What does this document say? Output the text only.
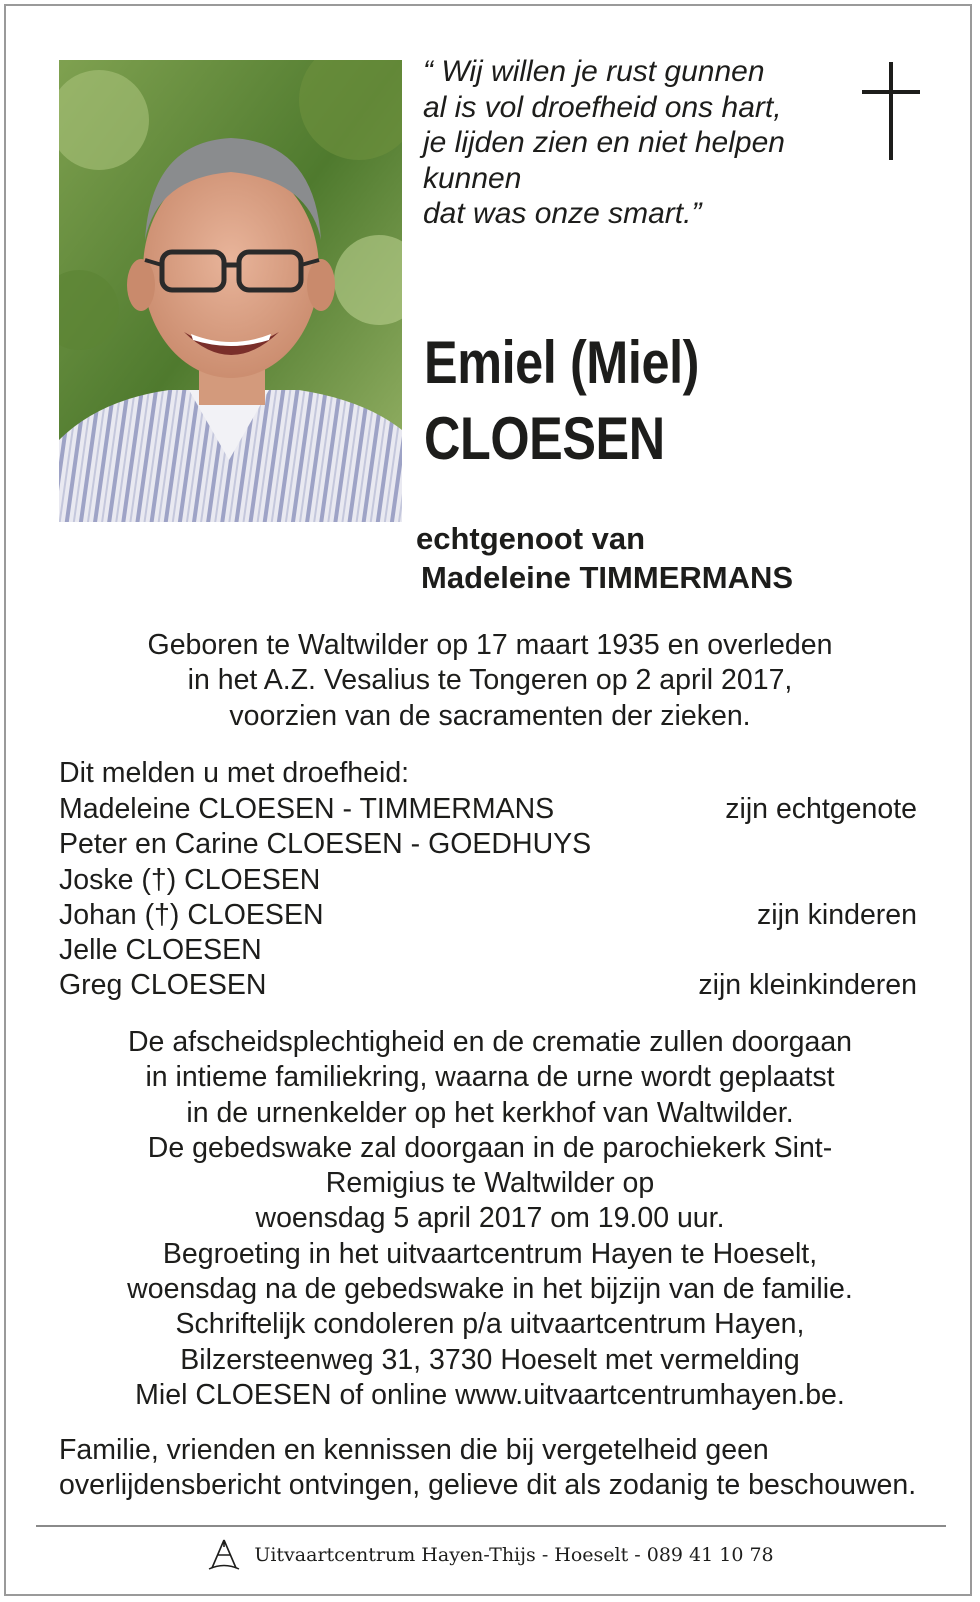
“ Wij willen je rust gunnen
al is vol droefheid ons hart,
je lijden zien en niet helpen
kunnen
dat was onze smart.”
Emiel (Miel)
CLOESEN
echtgenoot van
Madeleine TIMMERMANS
Geboren te Waltwilder op 17 maart 1935 en overleden
in het A.Z. Vesalius te Tongeren op 2 april 2017,
voorzien van de sacramenten der zieken.
Dit melden u met droefheid:
Madeleine CLOESEN - TIMMERMANS	zijn echtgenote
Peter en Carine CLOESEN - GOEDHUYS
Joske (†) CLOESEN
Johan (†) CLOESEN	zijn kinderen
Jelle CLOESEN
Greg CLOESEN	zijn kleinkinderen
De afscheidsplechtigheid en de crematie zullen doorgaan
in intieme familiekring, waarna de urne wordt geplaatst
in de urnenkelder op het kerkhof van Waltwilder.
De gebedswake zal doorgaan in de parochiekerk Sint-
Remigius te Waltwilder op
woensdag 5 april 2017 om 19.00 uur.
Begroeting in het uitvaartcentrum Hayen te Hoeselt,
woensdag na de gebedswake in het bijzijn van de familie.
Schriftelijk condoleren p/a uitvaartcentrum Hayen,
Bilzersteenweg 31, 3730 Hoeselt met vermelding
Miel CLOESEN of online www.uitvaartcentrumhayen.be.
Familie, vrienden en kennissen die bij vergetelheid geen overlijdensbericht ontvingen, gelieve dit als zodanig te beschouwen.
Uitvaartcentrum Hayen-Thijs - Hoeselt - 089 41 10 78
